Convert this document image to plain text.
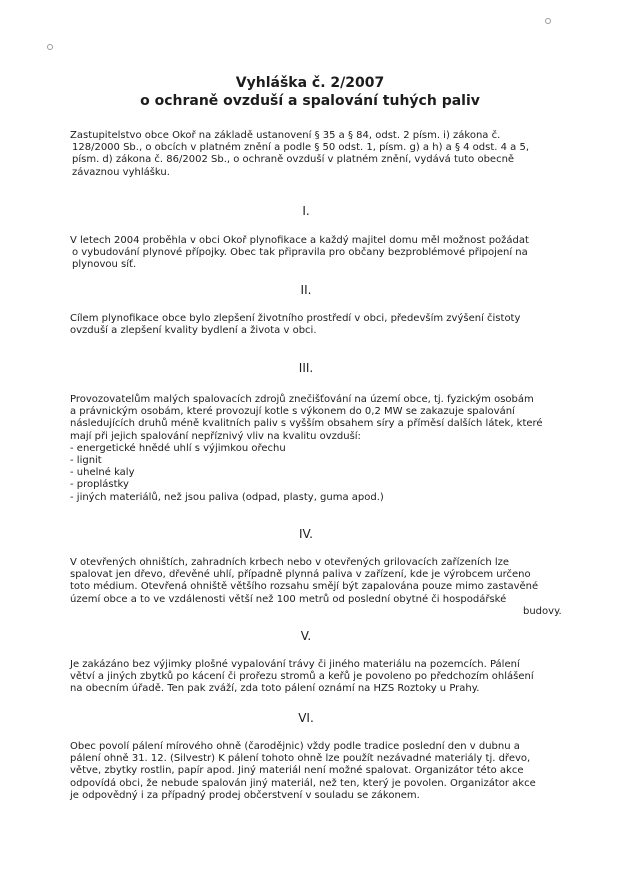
Vyhláška č. 2/2007
o ochraně ovzduší a spalování tuhých paliv
Zastupitelstvo obce Okoř na základě ustanovení § 35 a § 84, odst. 2 písm. i) zákona č.
128/2000 Sb., o obcích v platném znění a podle § 50 odst. 1, písm. g) a h) a § 4 odst. 4 a 5,
písm. d) zákona č. 86/2002 Sb., o ochraně ovzduší v platném znění, vydává tuto obecně
závaznou vyhlášku.
I.
V letech 2004 proběhla v obci Okoř plynofikace a každý majitel domu měl možnost požádat
o vybudování plynové přípojky. Obec tak připravila pro občany bezproblémové připojení na
plynovou síť.
II.
Cílem plynofikace obce bylo zlepšení životního prostředí v obci, především zvýšení čistoty
ovzduší a zlepšení kvality bydlení a života v obci.
III.
Provozovatelům malých spalovacích zdrojů znečišťování na území obce, tj. fyzickým osobám
a právnickým osobám, které provozují kotle s výkonem do 0,2 MW se zakazuje spalování
následujících druhů méně kvalitních paliv s vyšším obsahem síry a příměsí dalších látek, které
mají při jejich spalování nepříznivý vliv na kvalitu ovzduší:
- energetické hnědé uhlí s výjimkou ořechu
- lignit
- uhelné kaly
- proplástky
- jiných materiálů, než jsou paliva (odpad, plasty, guma apod.)
IV.
V otevřených ohništích, zahradních krbech nebo v otevřených grilovacích zařízeních lze
spalovat jen dřevo, dřevěné uhlí, případně plynná paliva v zařízení, kde je výrobcem určeno
toto médium. Otevřená ohniště většího rozsahu smějí být zapalována pouze mimo zastavěné
území obce a to ve vzdálenosti větší než 100 metrů od poslední obytné či hospodářské
budovy.
V.
Je zakázáno bez výjimky plošné vypalování trávy či jiného materiálu na pozemcích. Pálení
větví a jiných zbytků po kácení či prořezu stromů a keřů je povoleno po předchozím ohlášení
na obecním úřadě. Ten pak zváží, zda toto pálení oznámí na HZS Roztoky u Prahy.
VI.
Obec povolí pálení mírového ohně (čarodějnic) vždy podle tradice poslední den v dubnu a
pálení ohně 31. 12. (Silvestr) K pálení tohoto ohně lze použít nezávadné materiály tj. dřevo,
větve, zbytky rostlin, papír apod. Jiný materiál není možné spalovat. Organizátor této akce
odpovídá obci, že nebude spalován jiný materiál, než ten, který je povolen. Organizátor akce
je odpovědný i za případný prodej občerstvení v souladu se zákonem.
